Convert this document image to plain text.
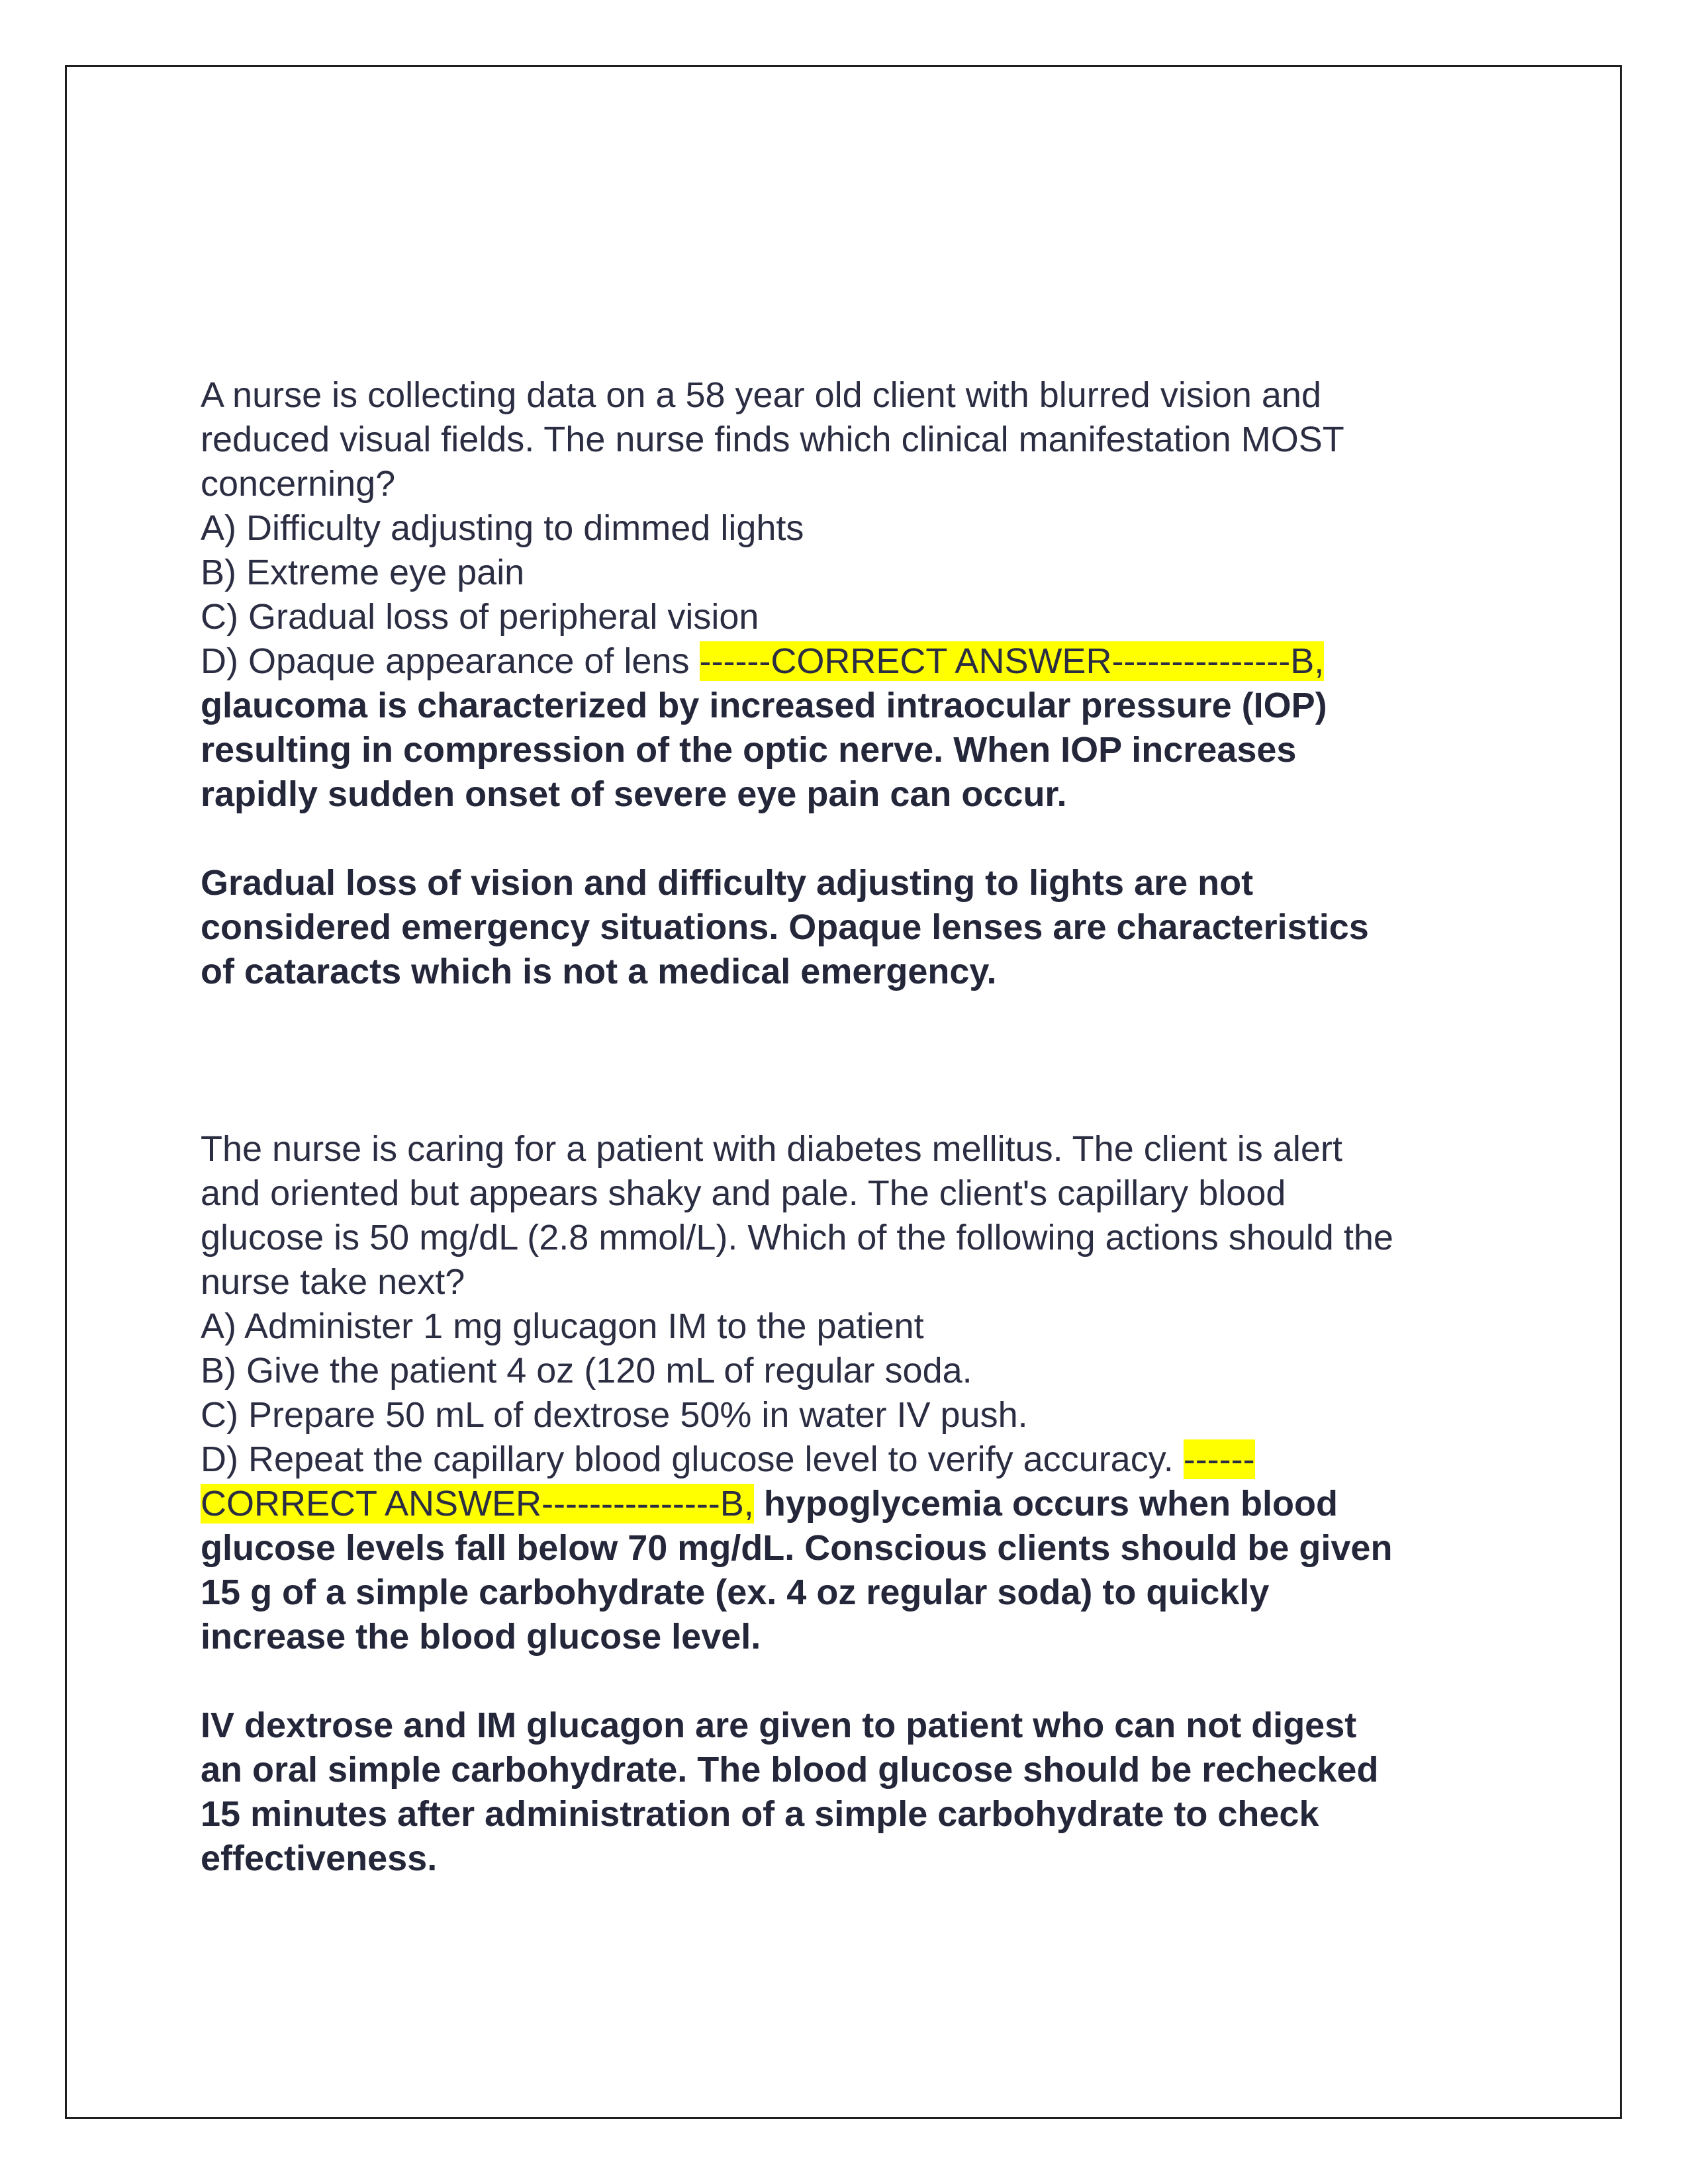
A nurse is collecting data on a 58 year old client with blurred vision and
reduced visual fields. The nurse finds which clinical manifestation MOST
concerning?
A) Difficulty adjusting to dimmed lights
B) Extreme eye pain
C) Gradual loss of peripheral vision
D) Opaque appearance of lens ------CORRECT ANSWER---------------B,
glaucoma is characterized by increased intraocular pressure (IOP)
resulting in compression of the optic nerve. When IOP increases
rapidly sudden onset of severe eye pain can occur.
Gradual loss of vision and difficulty adjusting to lights are not
considered emergency situations. Opaque lenses are characteristics
of cataracts which is not a medical emergency.
The nurse is caring for a patient with diabetes mellitus. The client is alert
and oriented but appears shaky and pale. The client's capillary blood
glucose is 50 mg/dL (2.8 mmol/L). Which of the following actions should the
nurse take next?
A) Administer 1 mg glucagon IM to the patient
B) Give the patient 4 oz (120 mL of regular soda.
C) Prepare 50 mL of dextrose 50% in water IV push.
D) Repeat the capillary blood glucose level to verify accuracy. ------
CORRECT ANSWER---------------B, hypoglycemia occurs when blood
glucose levels fall below 70 mg/dL. Conscious clients should be given
15 g of a simple carbohydrate (ex. 4 oz regular soda) to quickly
increase the blood glucose level.
IV dextrose and IM glucagon are given to patient who can not digest
an oral simple carbohydrate. The blood glucose should be rechecked
15 minutes after administration of a simple carbohydrate to check
effectiveness.
